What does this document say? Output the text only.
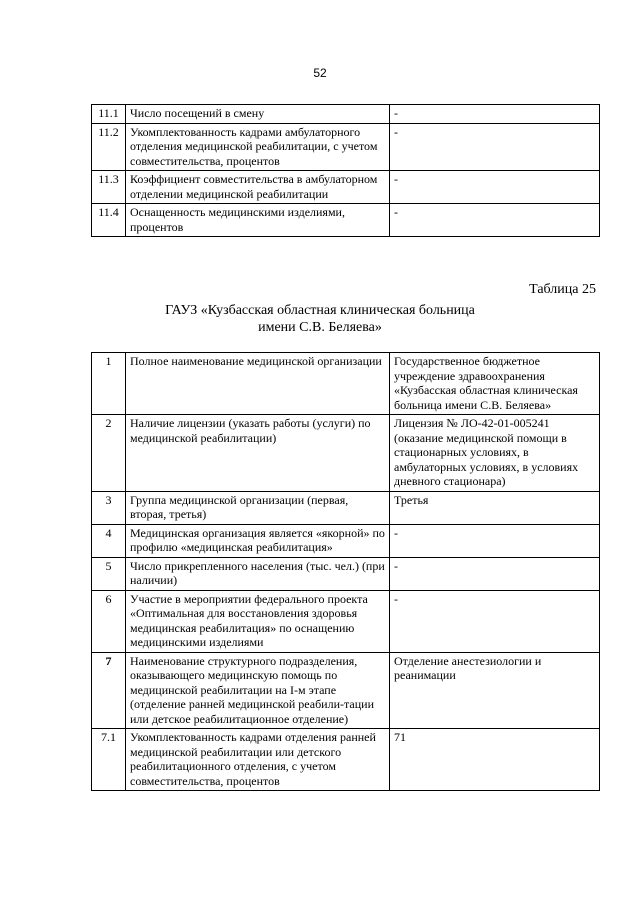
52
11.1	Число посещений в смену	-
11.2	Укомплектованность кадрами амбулаторного отделения медицинской реабилитации, с учетом совместительства, процентов	-
11.3	Коэффициент совместительства в амбулаторном отделении медицинской реабилитации	-
11.4	Оснащенность медицинскими изделиями, процентов	-
Таблица 25
ГАУЗ «Кузбасская областная клиническая больница
имени С.В. Беляева»
1	Полное наименование медицинской организации	Государственное бюджетное учреждение здравоохранения «Кузбасская областная клиническая больница имени С.В. Беляева»
2	Наличие лицензии (указать работы (услуги) по медицинской реабилитации)	Лицензия № ЛО-42-01-005241 (оказание медицинской помощи в стационарных условиях, в амбулаторных условиях, в условиях дневного стационара)
3	Группа медицинской организации (первая, вторая, третья)	Третья
4	Медицинская организация является «якорной» по профилю «медицинская реабилитация»	-
5	Число прикрепленного населения (тыс. чел.) (при наличии)	-
6	Участие в мероприятии федерального проекта «Оптимальная для восстановления здоровья медицинская реабилитация» по оснащению медицинскими изделиями	-
7	Наименование структурного подразделения, оказывающего медицинскую помощь по медицинской реабилитации на I-м этапе (отделение ранней медицинской реабили-тации или детское реабилитационное отделение)	Отделение анестезиологии и реанимации
7.1	Укомплектованность кадрами отделения ранней медицинской реабилитации или детского реабилитационного отделения, с учетом совместительства, процентов	71
